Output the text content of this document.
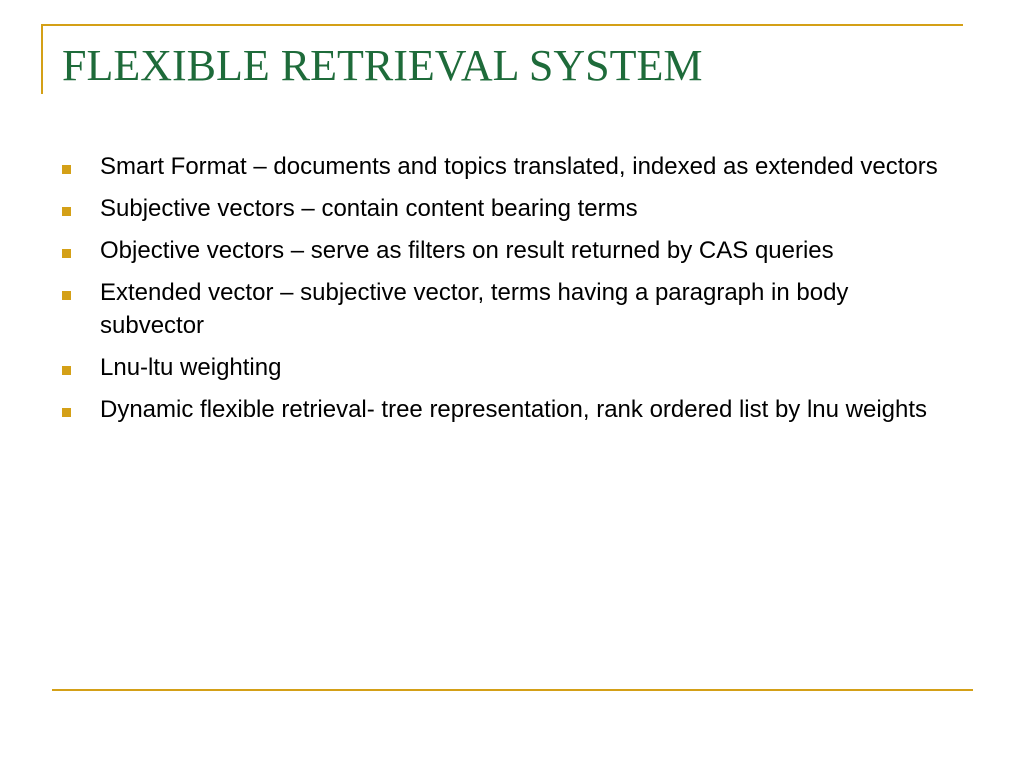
FLEXIBLE RETRIEVAL SYSTEM
Smart Format – documents and topics translated, indexed as extended vectors
Subjective vectors – contain content bearing terms
Objective vectors – serve as filters on result returned by CAS queries
Extended vector – subjective vector, terms having a paragraph in body subvector
Lnu-ltu weighting
Dynamic flexible retrieval- tree representation, rank ordered list by lnu weights
